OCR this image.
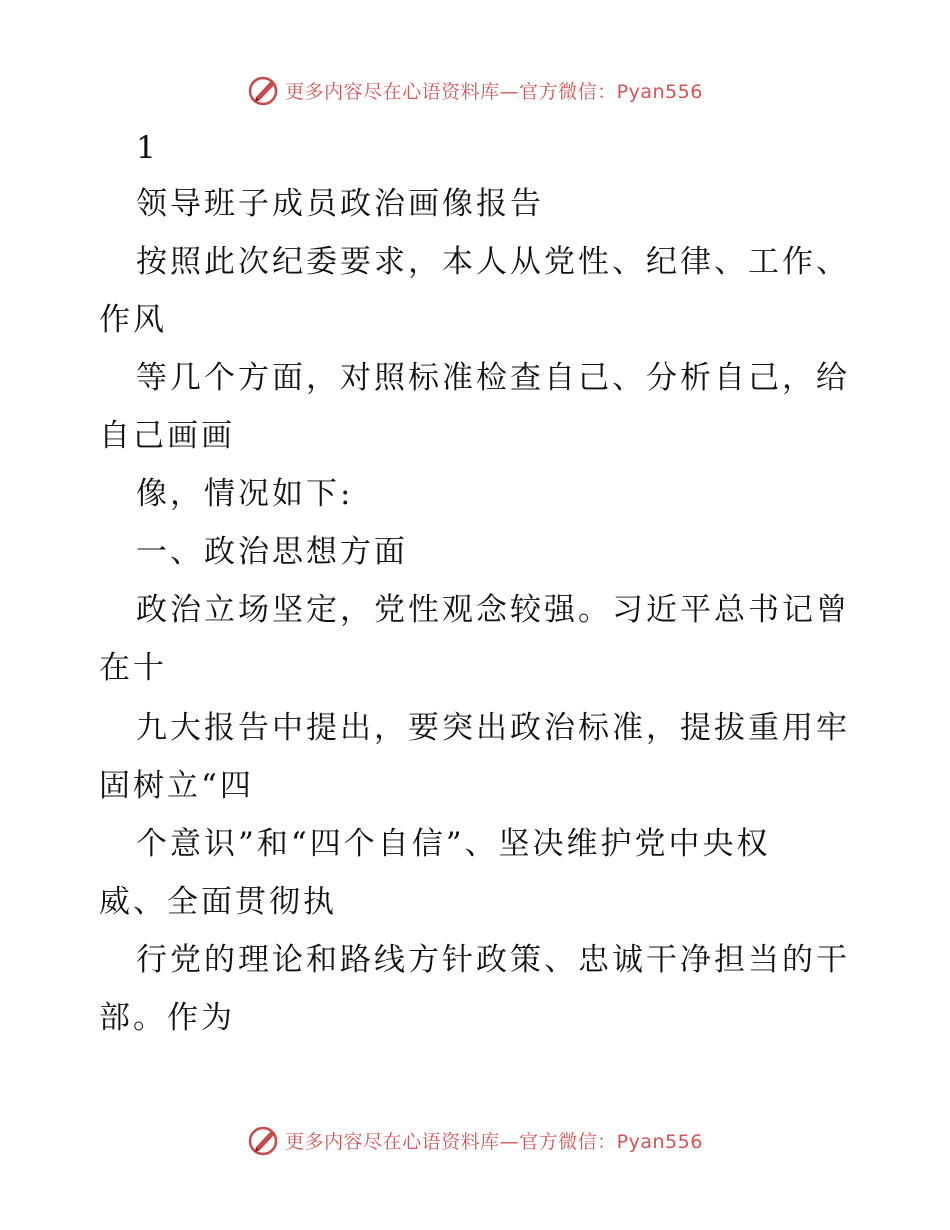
更多内容尽在心语资料库—官方微信：Pyan556
1
领导班子成员政治画像报告
按照此次纪委要求，本人从党性、纪律、工作、
作风
等几个方面，对照标准检查自己、分析自己，给
自己画画
像，情况如下:
一、政治思想方面
政治立场坚定，党性观念较强。习近平总书记曾
在十
九大报告中提出，要突出政治标准，提拔重用牢
固树立“四
个意识”和“四个自信”、坚决维护党中央权
威、全面贯彻执
行党的理论和路线方针政策、忠诚干净担当的干
部。作为
更多内容尽在心语资料库—官方微信：Pyan556
